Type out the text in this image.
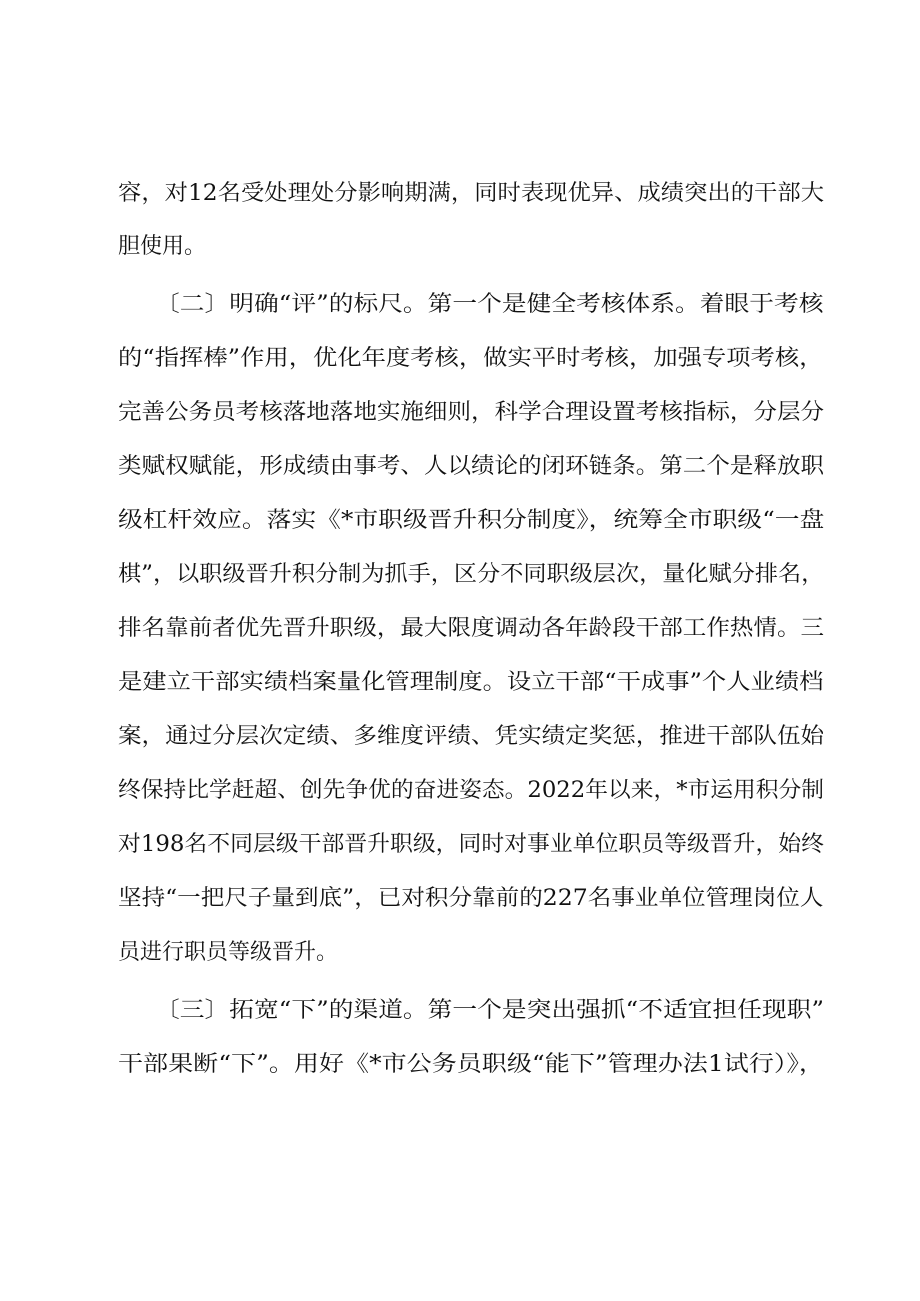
容，对12名受处理处分影响期满，同时表现优异、成绩突出的干部大
胆使用。
〔二〕明确“评”的标尺。第一个是健全考核体系。着眼于考核
的“指挥棒”作用，优化年度考核，做实平时考核，加强专项考核，
完善公务员考核落地落地实施细则，科学合理设置考核指标，分层分
类赋权赋能，形成绩由事考、人以绩论的闭环链条。第二个是释放职
级杠杆效应。落实《*市职级晋升积分制度》，统筹全市职级“一盘
棋”，以职级晋升积分制为抓手，区分不同职级层次，量化赋分排名，
排名靠前者优先晋升职级，最大限度调动各年龄段干部工作热情。三
是建立干部实绩档案量化管理制度。设立干部“干成事”个人业绩档
案，通过分层次定绩、多维度评绩、凭实绩定奖惩，推进干部队伍始
终保持比学赶超、创先争优的奋进姿态。2022年以来，*市运用积分制
对198名不同层级干部晋升职级，同时对事业单位职员等级晋升，始终
坚持“一把尺子量到底”，已对积分靠前的227名事业单位管理岗位人
员进行职员等级晋升。
〔三〕拓宽“下”的渠道。第一个是突出强抓“不适宜担任现职”
干部果断“下”。用好《*市公务员职级“能下”管理办法1试行）》，
